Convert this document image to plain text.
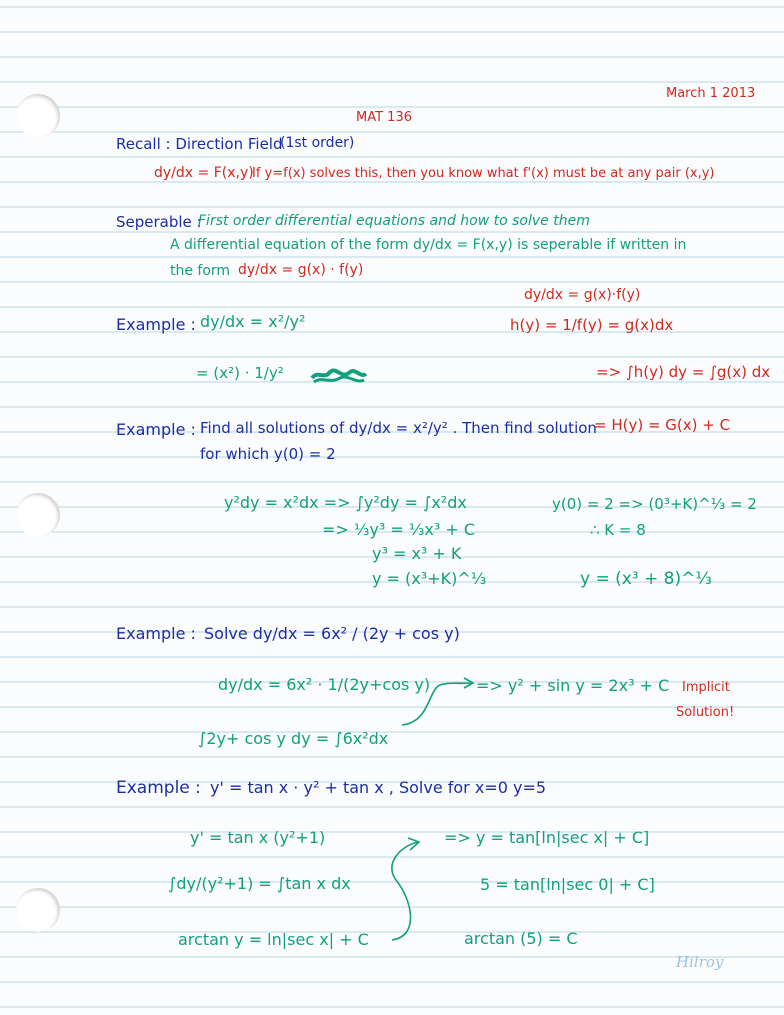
March 1 2013
MAT 136
Recall : Direction Field
(1st order)
dy/dx = F(x,y)
If y=f(x) solves this, then you know what f'(x) must be at any pair (x,y)
Seperable :
First order differential equations and how to solve them
A differential equation of the form dy/dx = F(x,y) is seperable if written in
the form dy/dx = g(x) · f(y)
dy/dx = g(x)·f(y)
h(y) = 1/f(y) = g(x)dx
=> ∫h(y) dy = ∫g(x) dx
= H(y) = G(x) + C
Example : dy/dx = x²/y²
= (x²) · 1/y²
Example : Find all solutions of dy/dx = x²/y² . Then find solution
for which y(0) = 2
y²dy = x²dx => ∫y²dy = ∫x²dx
=> ⅓y³ = ⅓x³ + C
y³ = x³ + K
y = (x³+K)^⅓
y(0) = 2 => (0³+K)^⅓ = 2
∴ K = 8
y = (x³ + 8)^⅓
Example : Solve dy/dx = 6x² / (2y + cos y)
dy/dx = 6x² · 1/(2y+cos y)
∫2y+ cos y dy = ∫6x²dx
=> y² + sin y = 2x³ + C Implicit
Solution!
Example : y' = tan x · y² + tan x , Solve for x=0 y=5
y' = tan x (y²+1)
∫dy/(y²+1) = ∫tan x dx
arctan y = ln|sec x| + C
=> y = tan[ln|sec x| + C]
5 = tan[ln|sec 0| + C]
arctan (5) = C
Hilroy
